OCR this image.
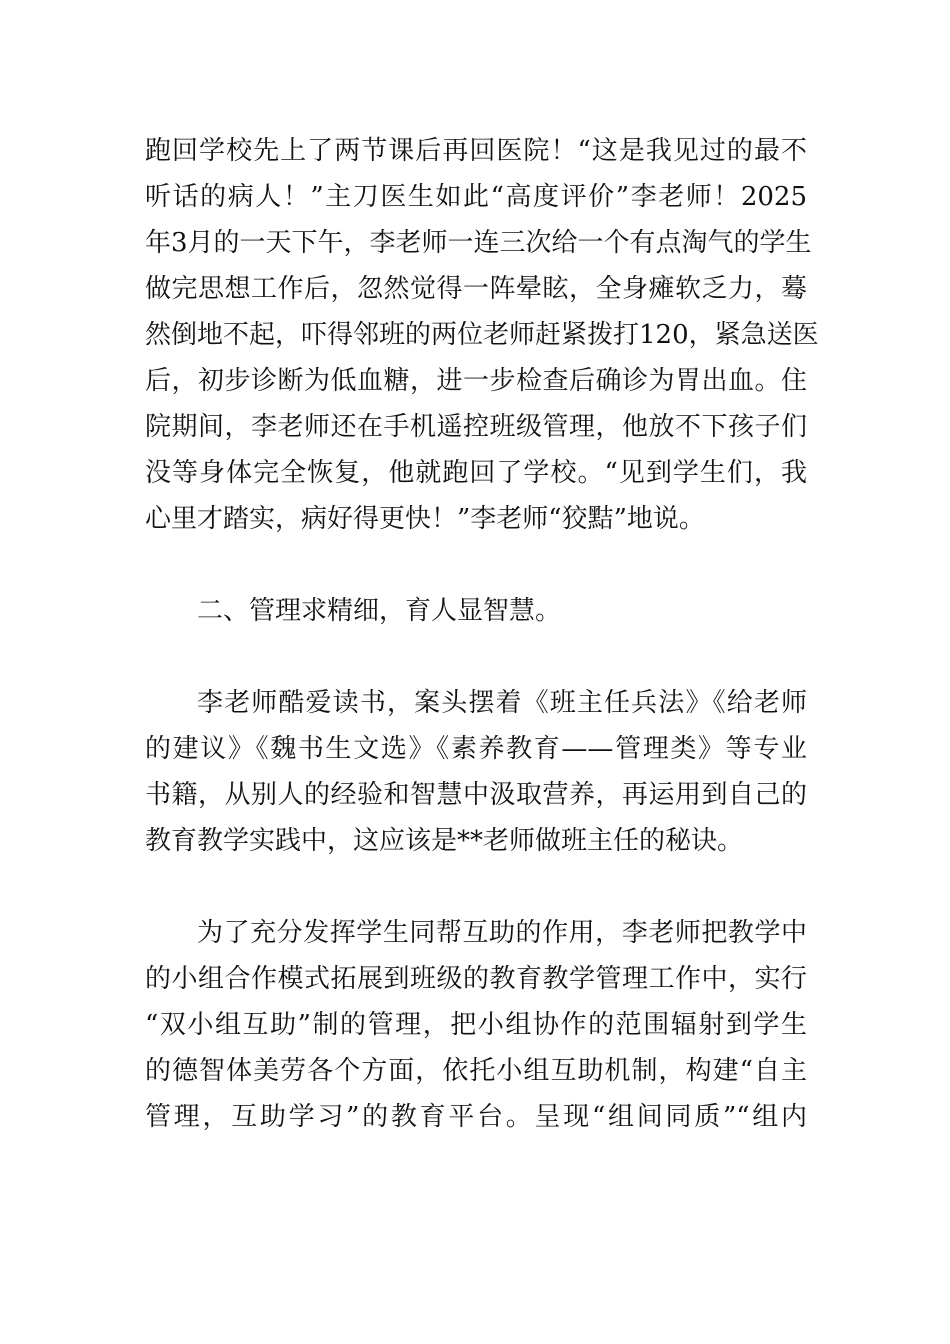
跑回学校先上了两节课后再回医院！“这是我见过的最不
听话的病人！”主刀医生如此“高度评价”李老师！2025
年3月的一天下午，李老师一连三次给一个有点淘气的学生
做完思想工作后，忽然觉得一阵晕眩，全身瘫软乏力，蓦
然倒地不起，吓得邻班的两位老师赶紧拨打120，紧急送医
后，初步诊断为低血糖，进一步检查后确诊为胃出血。住
院期间，李老师还在手机遥控班级管理，他放不下孩子们
没等身体完全恢复，他就跑回了学校。“见到学生们，我
心里才踏实，病好得更快！”李老师“狡黠”地说。
二、管理求精细，育人显智慧。
李老师酷爱读书，案头摆着《班主任兵法》《给老师
的建议》《魏书生文选》《素养教育——管理类》等专业
书籍，从别人的经验和智慧中汲取营养，再运用到自己的
教育教学实践中，这应该是**老师做班主任的秘诀。
为了充分发挥学生同帮互助的作用，李老师把教学中
的小组合作模式拓展到班级的教育教学管理工作中，实行
“双小组互助”制的管理，把小组协作的范围辐射到学生
的德智体美劳各个方面，依托小组互助机制，构建“自主
管理，互助学习”的教育平台。呈现“组间同质”“组内
